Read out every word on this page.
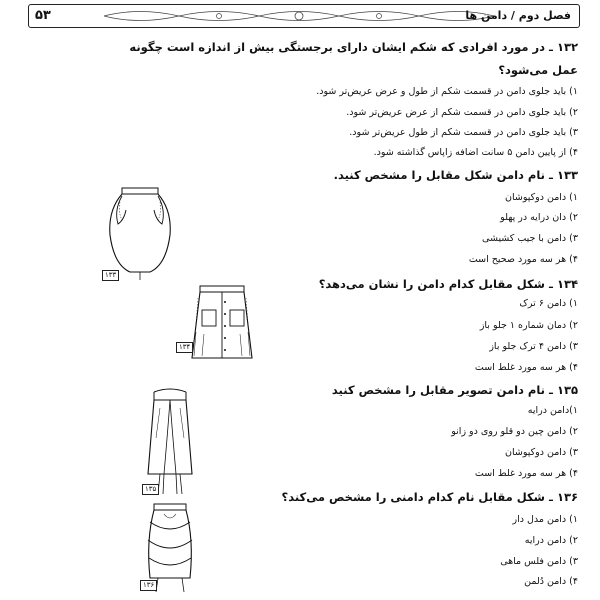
۵۳	فصل دوم / دامن ها
۱۳۲ ـ در مورد افرادی که شکم ایشان دارای برجستگی بیش از اندازه است چگونه
عمل می‌شود؟
۱) باید جلوی دامن در قسمت شکم از طول و عرض عریض‌تر شود.
۲) باید جلوی دامن در قسمت شکم از عرض عریض‌تر شود.
۳) باید جلوی دامن در قسمت شکم از طول عریض‌تر شود.
۴) از پایین دامن ۵ سانت اضافه زاپاس گذاشته شود.
۱۳۳ ـ نام دامن شکل مقابل را مشخص کنید.
۱) دامن دوکپوشان
۲) دان درایه در پهلو
۳) دامن با جیب کشیشی
۴) هر سه مورد صحیح است
۱۳۳
۱۳۴ ـ شکل مقابل کدام دامن را نشان می‌دهد؟
۱) دامن ۶ ترک
۲) دمان شماره ۱ جلو باز
۳) دامن ۴ ترک جلو باز
۴) هر سه مورد غلط است
۱۳۴
۱۳۵ ـ نام دامن تصویر مقابل را مشخص کنید
۱)دامن درایه
۲) دامن چین دو قلو روی دو زانو
۳) دامن دوکپوشان
۴) هر سه مورد غلط است
۱۳۵
۱۳۶ ـ شکل مقابل نام کدام دامنی را مشخص می‌کند؟
۱) دامن مدل دار
۲) دامن درایه
۳) دامن فلس ماهی
۴) دامن دُلمن
۱۳۶
